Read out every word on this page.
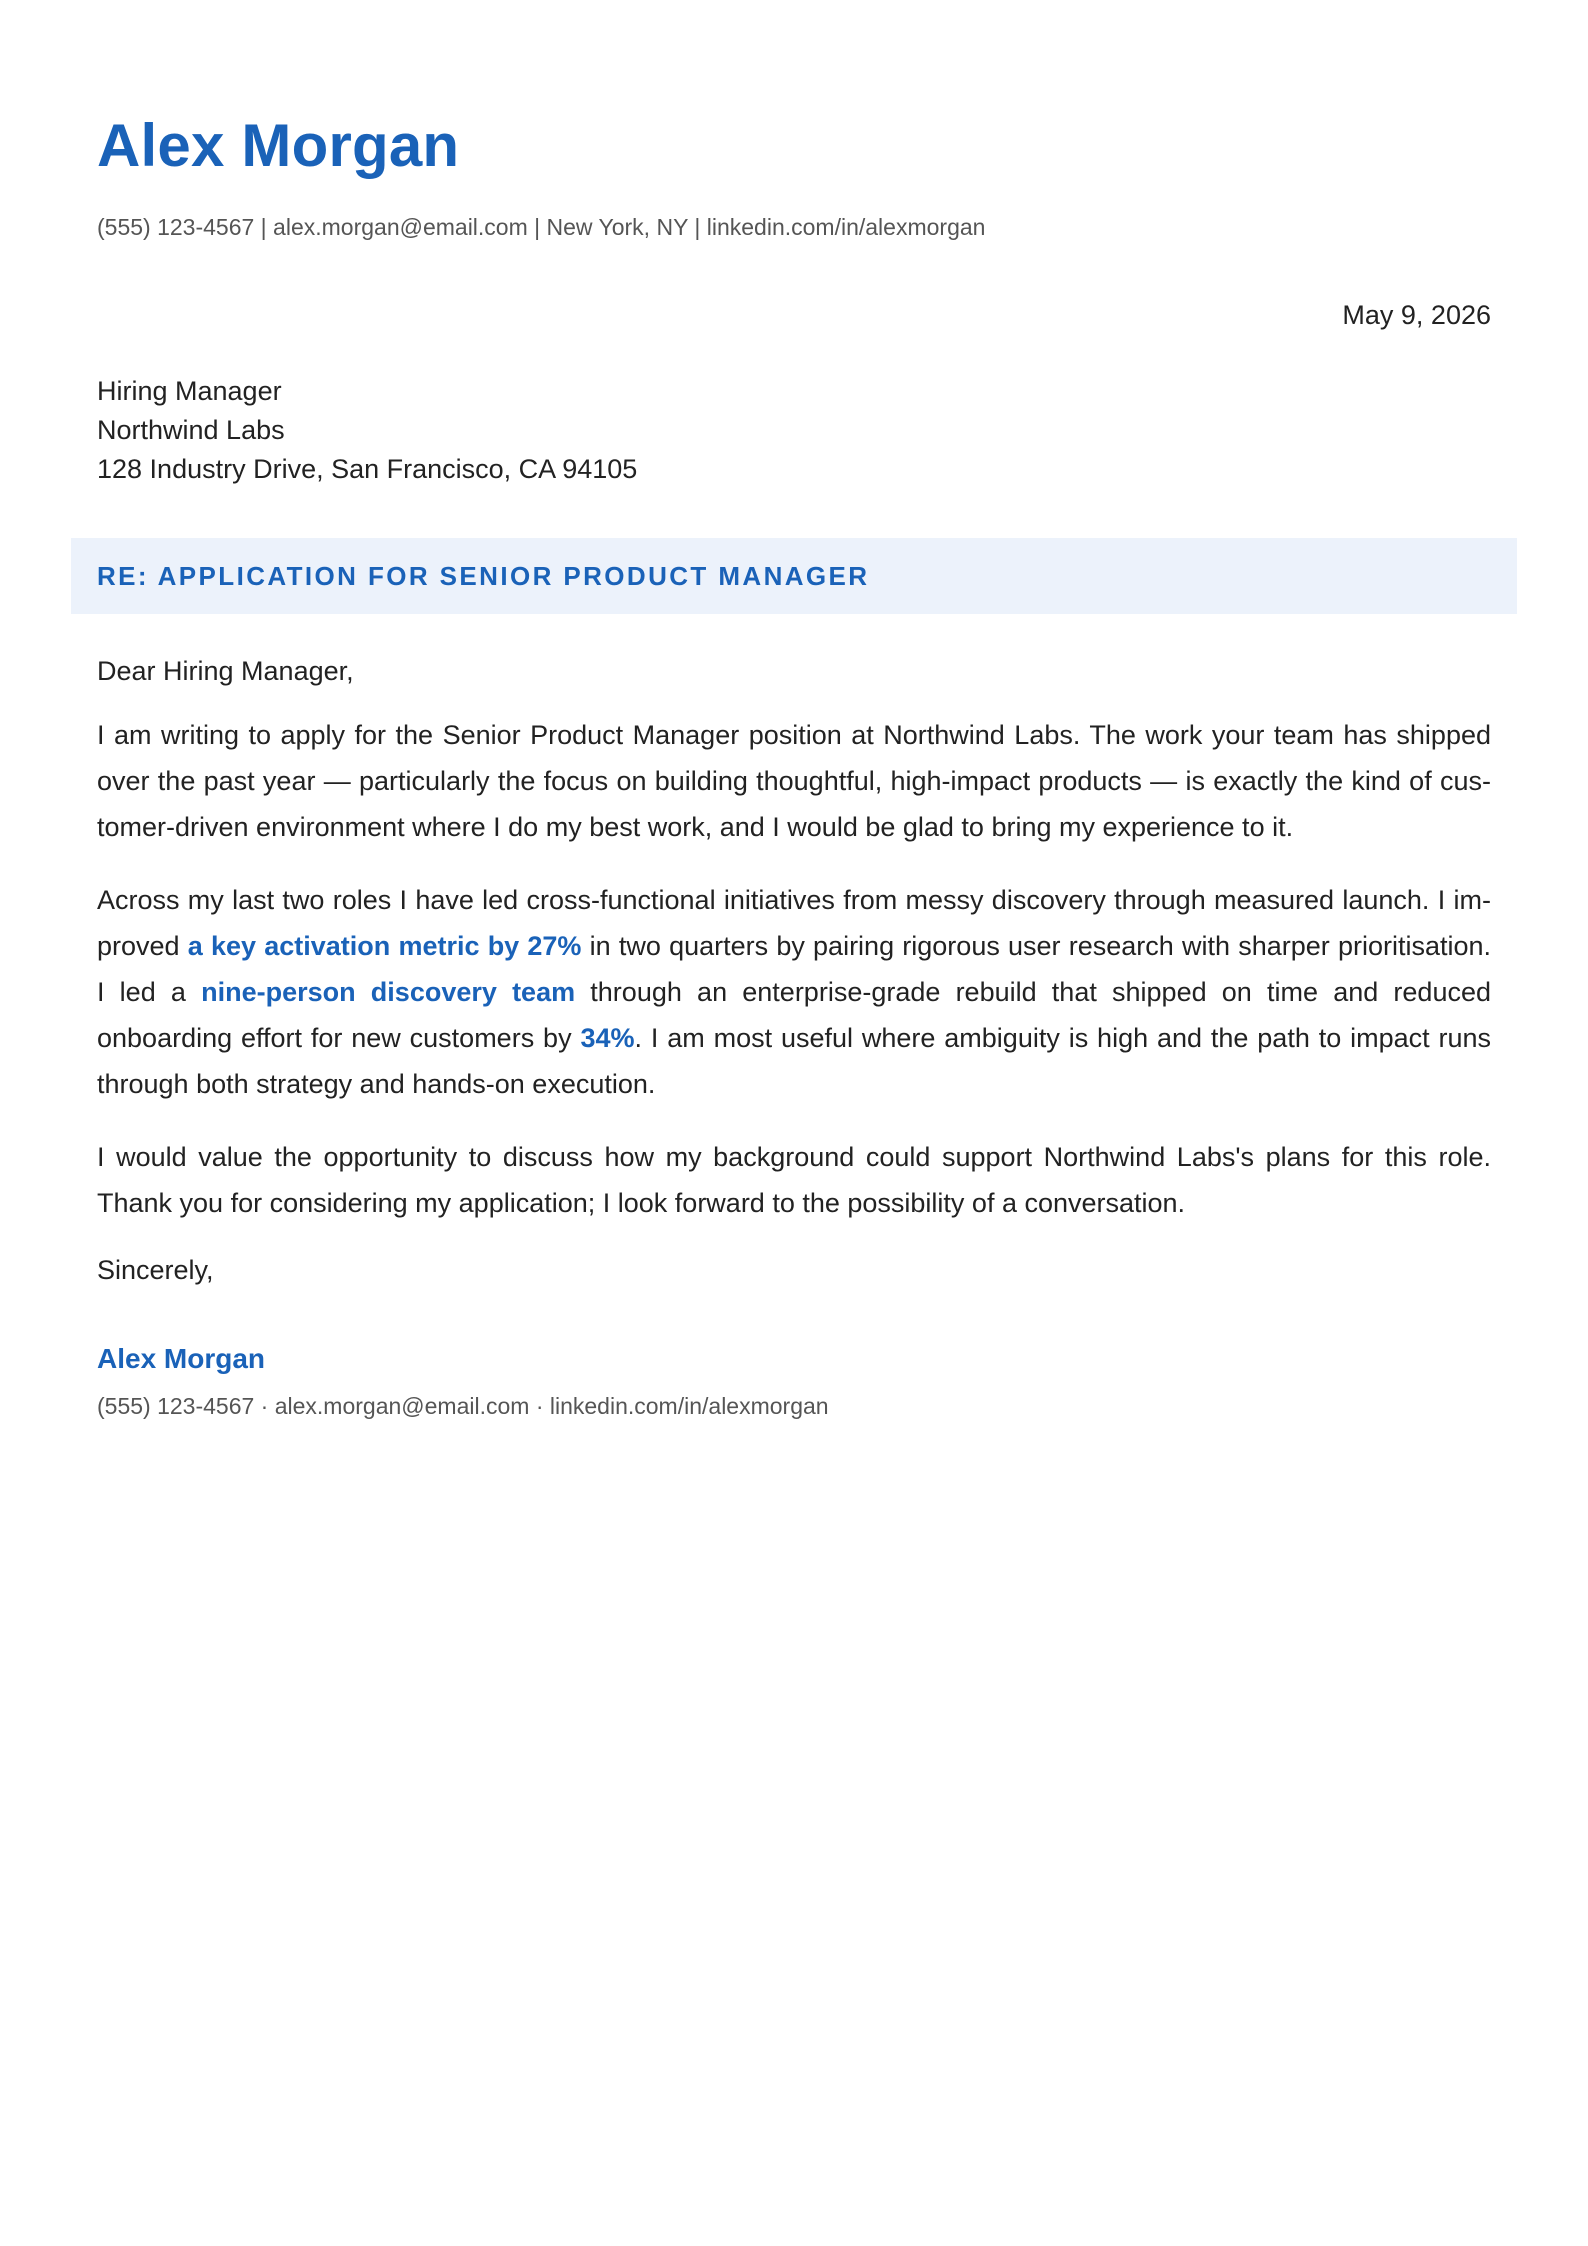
Alex Morgan
(555) 123-4567 | alex.morgan@email.com | New York, NY | linkedin.com/in/alexmorgan
May 9, 2026
Hiring Manager
Northwind Labs
128 Industry Drive, San Francisco, CA 94105
RE: APPLICATION FOR SENIOR PRODUCT MANAGER
Dear Hiring Manager,

I am writing to apply for the Senior Product Manager position at Northwind Labs. The work your team has shipped over the past year — particularly the focus on building thoughtful, high-impact products — is exactly the kind of customer-driven environment where I do my best work, and I would be glad to bring my experience to it.

Across my last two roles I have led cross-functional initiatives from messy discovery through measured launch. I improved a key activation metric by 27% in two quarters by pairing rigorous user research with sharper prioritisation. I led a nine-person discovery team through an enterprise-grade rebuild that shipped on time and reduced onboarding effort for new customers by 34%. I am most useful where ambiguity is high and the path to impact runs through both strategy and hands-on execution.

I would value the opportunity to discuss how my background could support Northwind Labs's plans for this role. Thank you for considering my application; I look forward to the possibility of a conversation.

Sincerely,
Alex Morgan
(555) 123-4567 · alex.morgan@email.com · linkedin.com/in/alexmorgan
